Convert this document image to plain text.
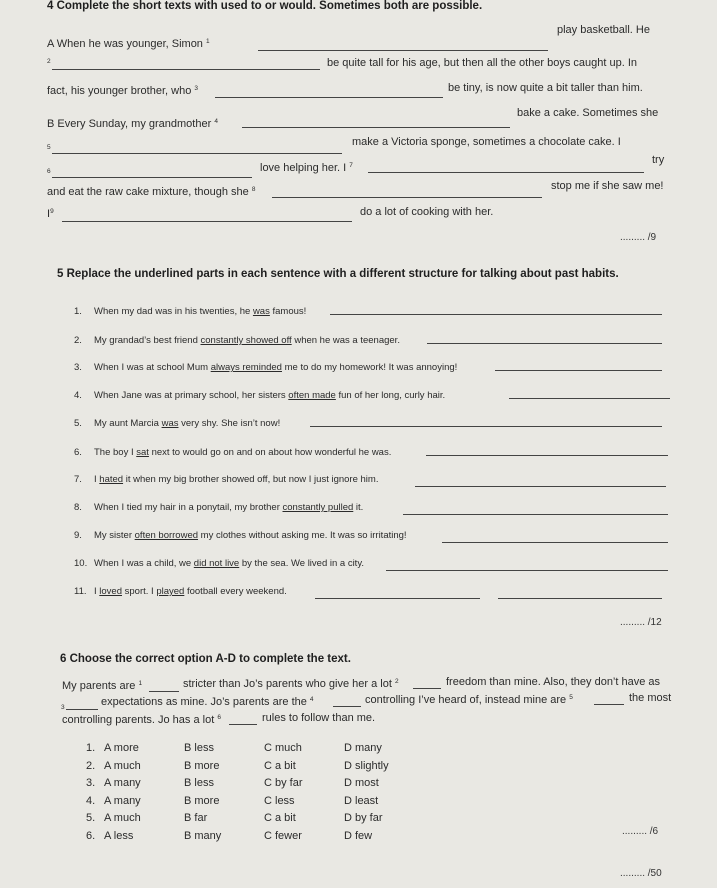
4 Complete the short texts with used to or would. Sometimes both are possible.
A When he was younger, Simon $^1$
play basketball. He
$^2$	be quite tall for his age, but then all the other boys caught up. In
fact, his younger brother, who $^3$	be tiny, is now quite a bit taller than him.
B Every Sunday, my grandmother $^4$
bake a cake. Sometimes she
$^5$	make a Victoria sponge, sometimes a chocolate cake. I
$^6$	love helping her. I $^7$	try
and eat the raw cake mixture, though she $^8$	stop me if she saw me!
$I^9$	do a lot of cooking with her.
......... /9
5 Replace the underlined parts in each sentence with a different structure for talking about past habits.
1. When my dad was in his twenties, he was famous!
2. My grandad’s best friend constantly showed off when he was a teenager.
3. When I was at school Mum always reminded me to do my homework! It was annoying!
4. When Jane was at primary school, her sisters often made fun of her long, curly hair.
5. My aunt Marcia was very shy. She isn’t now!
6. The boy I sat next to would go on and on about how wonderful he was.
7. I hated it when my big brother showed off, but now I just ignore him.
8. When I tied my hair in a ponytail, my brother constantly pulled it.
9. My sister often borrowed my clothes without asking me. It was so irritating!
10. When I was a child, we did not live by the sea. We lived in a city.
11. I loved sport. I played football every weekend.
......... /12
6 Choose the correct option A-D to complete the text.
My parents are $^1$	stricter than Jo’s parents who give her a lot $^2$	freedom than mine. Also, they don’t have as
$^3$	expectations as mine. Jo’s parents are the $^4$	controlling I’ve heard of, instead mine are $^5$	the most
controlling parents. Jo has a lot $^6$	rules to follow than me.
1. A more	B less	C much	D many
2. A much	B more	C a bit	D slightly
3. A many	B less	C by far	D most
4. A many	B more	C less	D least
5. A much	B far	C a bit	D by far
6. A less	B many	C fewer	D few	......... /6
......... /50
